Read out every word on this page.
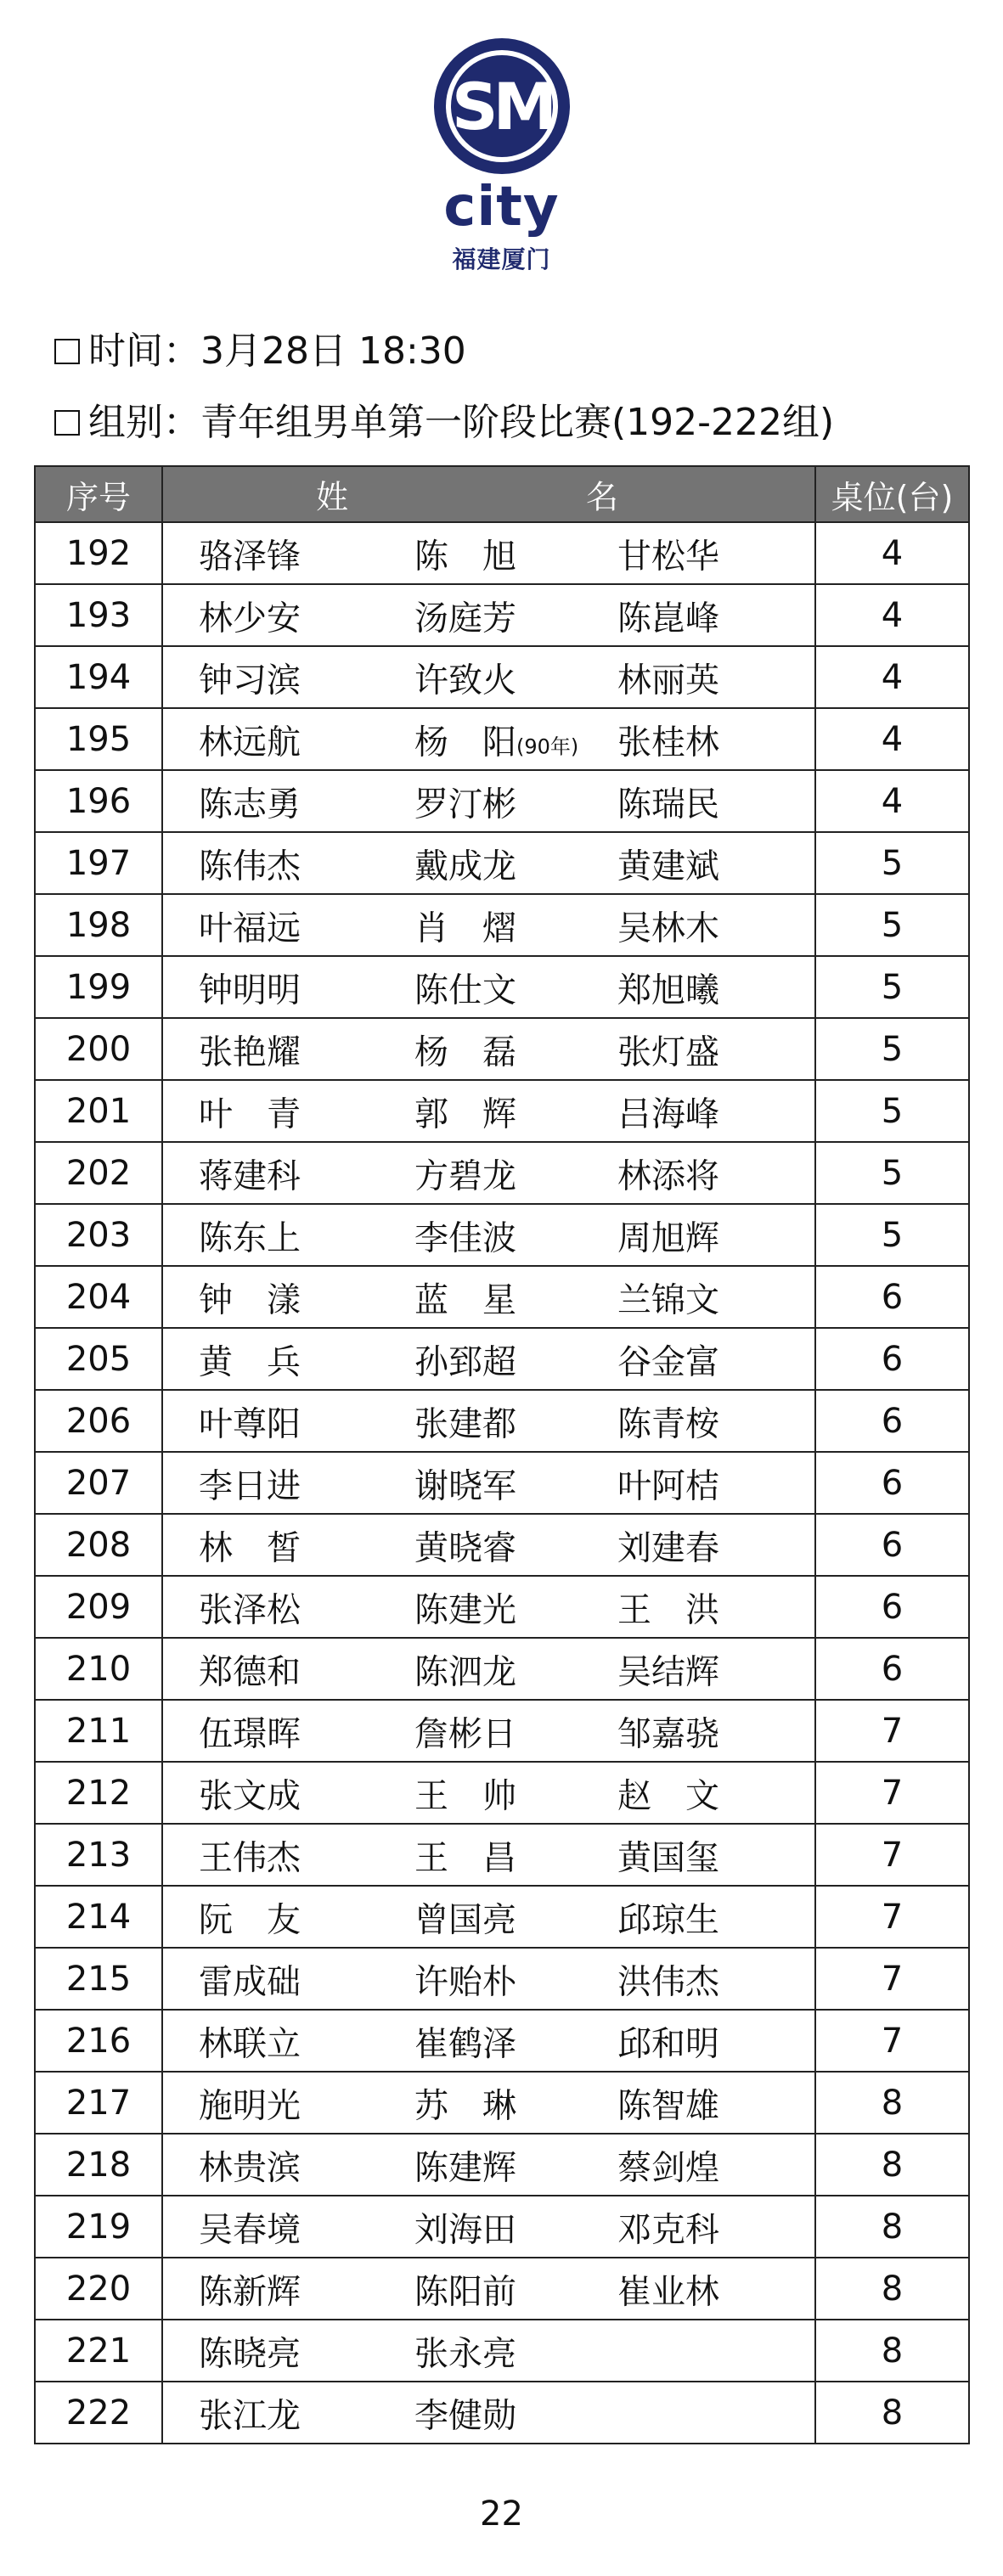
SM
city
福建厦门
时间：3月28日 18:30
组别：青年组男单第一阶段比赛(192-222组)
序号	姓 名	桌位(台)
192	骆泽锋 陈　旭 甘松华	4
193	林少安 汤庭芳 陈崑峰	4
194	钟习滨 许致火 林丽英	4
195	林远航 杨　阳(90年) 张桂林	4
196	陈志勇 罗汀彬 陈瑞民	4
197	陈伟杰 戴成龙 黄建斌	5
198	叶福远 肖　熠 吴林木	5
199	钟明明 陈仕文 郑旭曦	5
200	张艳耀 杨　磊 张灯盛	5
201	叶　青 郭　辉 吕海峰	5
202	蒋建科 方碧龙 林添将	5
203	陈东上 李佳波 周旭辉	5
204	钟　漾 蓝　星 兰锦文	6
205	黄　兵 孙郅超 谷金富	6
206	叶尊阳 张建都 陈青桉	6
207	李日进 谢晓军 叶阿桔	6
208	林　皙 黄晓睿 刘建春	6
209	张泽松 陈建光 王　洪	6
210	郑德和 陈泗龙 吴结辉	6
211	伍璟晖 詹彬日 邹嘉骁	7
212	张文成 王　帅 赵　文	7
213	王伟杰 王　昌 黄国玺	7
214	阮　友 曾国亮 邱琼生	7
215	雷成础 许贻朴 洪伟杰	7
216	林联立 崔鹤泽 邱和明	7
217	施明光 苏　琳 陈智雄	8
218	林贵滨 陈建辉 蔡剑煌	8
219	吴春境 刘海田 邓克科	8
220	陈新辉 陈阳前 崔业林	8
221	陈晓亮 张永亮	8
222	张江龙 李健勋	8
22
